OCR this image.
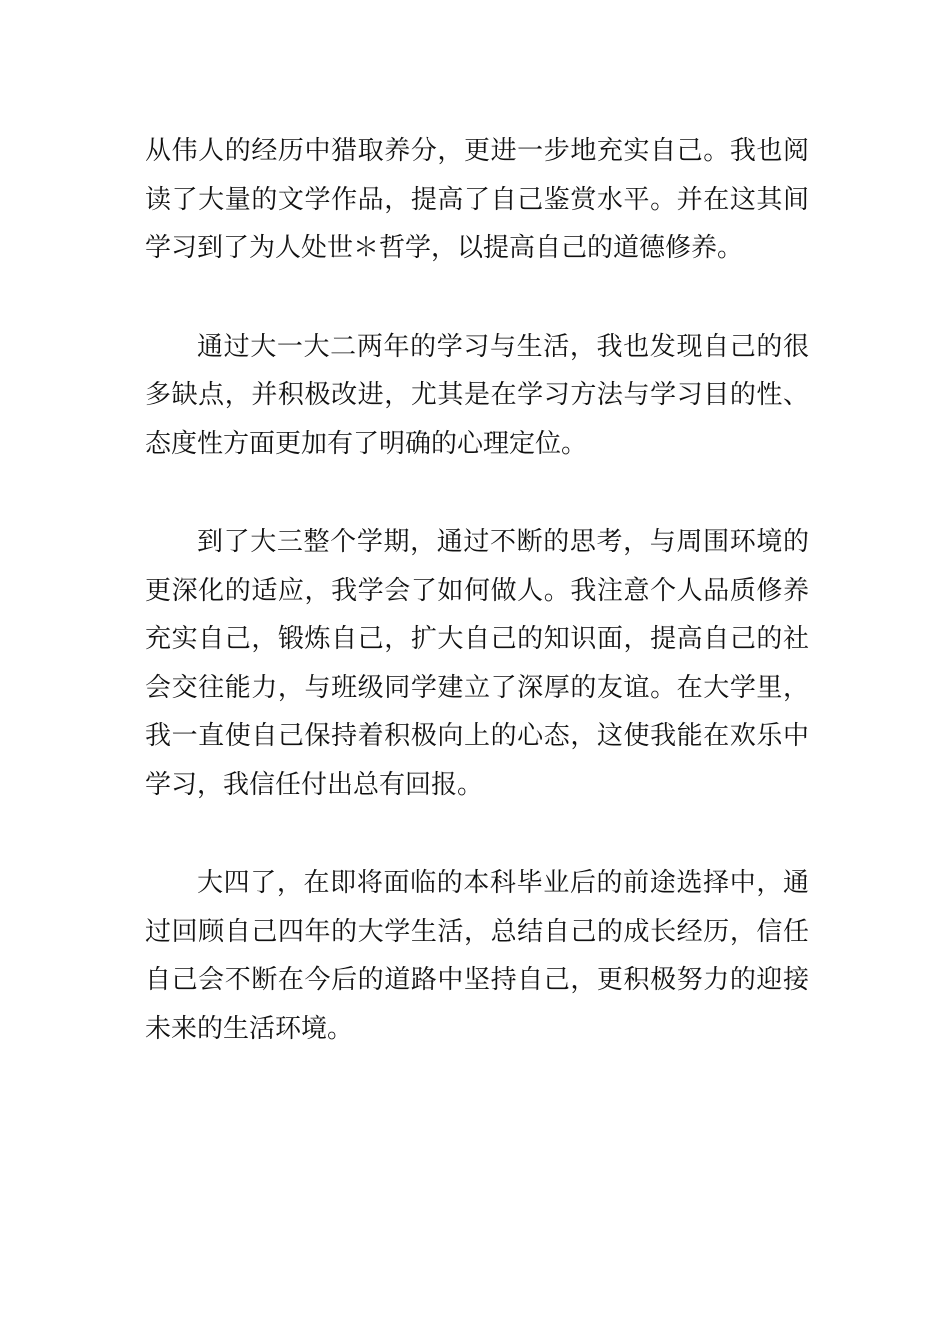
从伟人的经历中猎取养分，更进一步地充实自己。我也阅读了大量的文学作品，提高了自己鉴赏水平。并在这其间学习到了为人处世＊哲学，以提高自己的道德修养。

通过大一大二两年的学习与生活，我也发现自己的很多缺点，并积极改进，尤其是在学习方法与学习目的性、态度性方面更加有了明确的心理定位。

到了大三整个学期，通过不断的思考，与周围环境的更深化的适应，我学会了如何做人。我注意个人品质修养充实自己，锻炼自己，扩大自己的知识面，提高自己的社会交往能力，与班级同学建立了深厚的友谊。在大学里，我一直使自己保持着积极向上的心态，这使我能在欢乐中学习，我信任付出总有回报。

大四了，在即将面临的本科毕业后的前途选择中，通过回顾自己四年的大学生活，总结自己的成长经历，信任自己会不断在今后的道路中坚持自己，更积极努力的迎接未来的生活环境。
